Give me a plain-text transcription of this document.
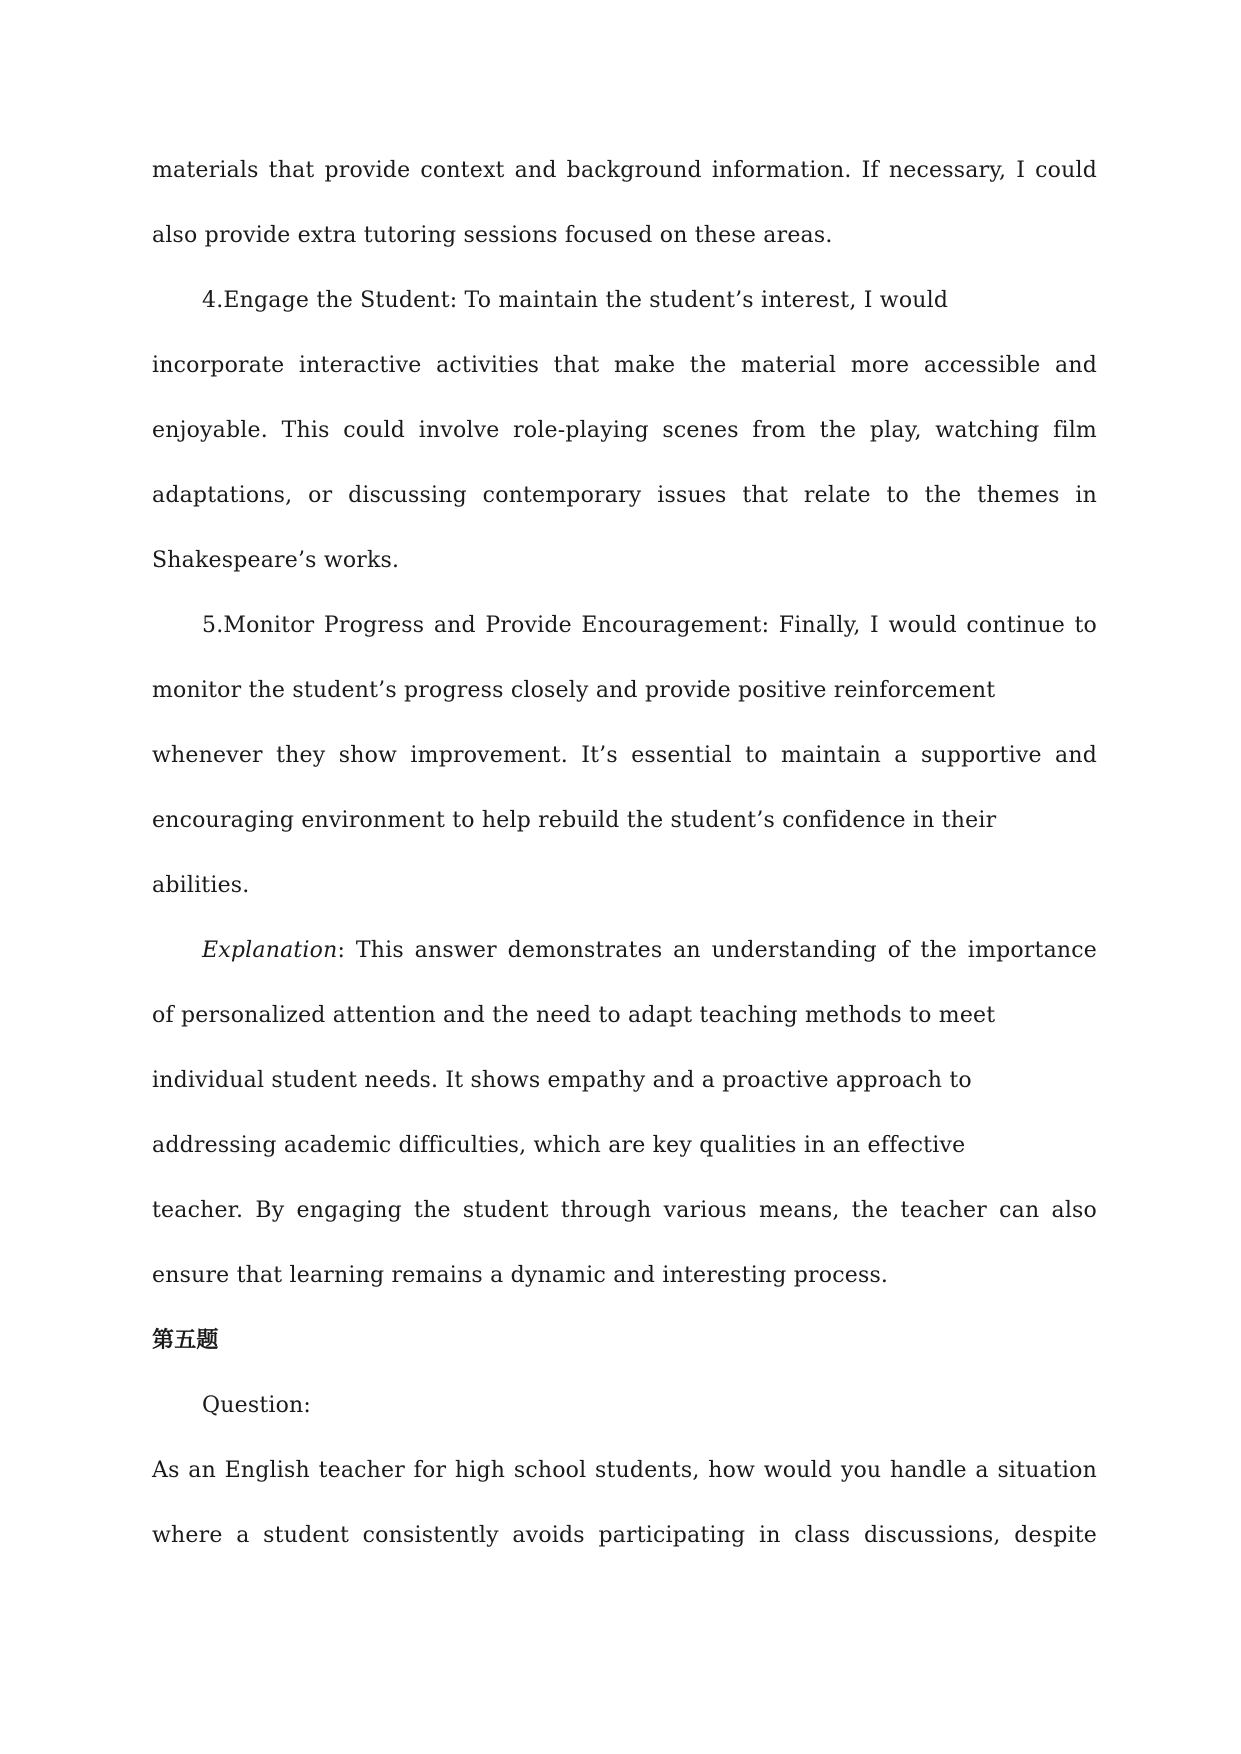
materials that provide context and background information. If necessary, I could
also provide extra tutoring sessions focused on these areas.
4.Engage the Student: To maintain the student’s interest, I would
incorporate interactive activities that make the material more accessible and
enjoyable. This could involve role-playing scenes from the play, watching film
adaptations, or discussing contemporary issues that relate to the themes in
Shakespeare’s works.
5.Monitor Progress and Provide Encouragement: Finally, I would continue to
monitor the student’s progress closely and provide positive reinforcement
whenever they show improvement. It’s essential to maintain a supportive and
encouraging environment to help rebuild the student’s confidence in their
abilities.
Explanation: This answer demonstrates an understanding of the importance
of personalized attention and the need to adapt teaching methods to meet
individual student needs. It shows empathy and a proactive approach to
addressing academic difficulties, which are key qualities in an effective
teacher. By engaging the student through various means, the teacher can also
ensure that learning remains a dynamic and interesting process.
第五题
Question:
As an English teacher for high school students, how would you handle a situation
where a student consistently avoids participating in class discussions, despite
